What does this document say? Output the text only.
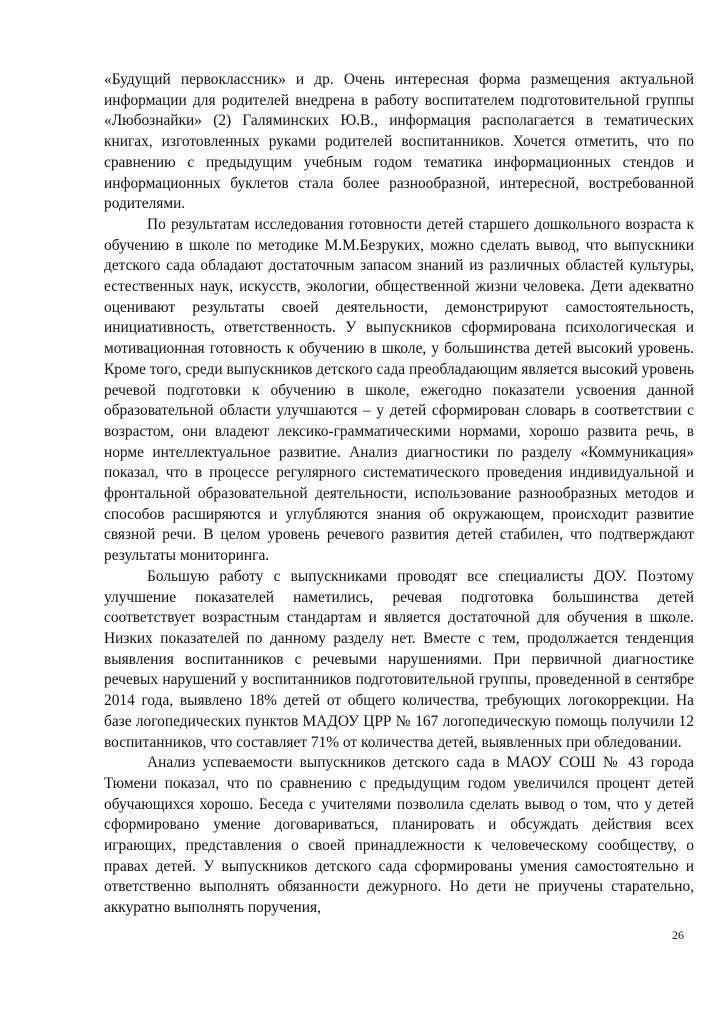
«Будущий первоклассник» и др. Очень интересная форма размещения актуальной информации для родителей внедрена в работу воспитателем подготовительной группы «Любознайки» (2) Галяминских Ю.В., информация располагается в тематических книгах, изготовленных руками родителей воспитанников. Хочется отметить, что по сравнению с предыдущим учебным годом тематика информационных стендов и информационных буклетов стала более разнообразной, интересной, востребованной родителями.

По результатам исследования готовности детей старшего дошкольного возраста к обучению в школе по методике М.М.Безруких, можно сделать вывод, что выпускники детского сада обладают достаточным запасом знаний из различных областей культуры, естественных наук, искусств, экологии, общественной жизни человека. Дети адекватно оценивают результаты своей деятельности, демонстрируют самостоятельность, инициативность, ответственность. У выпускников сформирована психологическая и мотивационная готовность к обучению в школе, у большинства детей высокий уровень. Кроме того, среди выпускников детского сада преобладающим является высокий уровень речевой подготовки к обучению в школе, ежегодно показатели усвоения данной образовательной области улучшаются – у детей сформирован словарь в соответствии с возрастом, они владеют лексико-грамматическими нормами, хорошо развита речь, в норме интеллектуальное развитие. Анализ диагностики по разделу «Коммуникация» показал, что в процессе регулярного систематического проведения индивидуальной и фронтальной образовательной деятельности, использование разнообразных методов и способов расширяются и углубляются знания об окружающем, происходит развитие связной речи. В целом уровень речевого развития детей стабилен, что подтверждают результаты мониторинга.

Большую работу с выпускниками проводят все специалисты ДОУ. Поэтому улучшение показателей наметились, речевая подготовка большинства детей соответствует возрастным стандартам и является достаточной для обучения в школе. Низких показателей по данному разделу нет. Вместе с тем, продолжается тенденция выявления воспитанников с речевыми нарушениями. При первичной диагностике речевых нарушений у воспитанников подготовительной группы, проведенной в сентябре 2014 года, выявлено 18% детей от общего количества, требующих логокоррекции. На базе логопедических пунктов МАДОУ ЦРР № 167 логопедическую помощь получили 12 воспитанников, что составляет 71% от количества детей, выявленных при обледовании.

Анализ успеваемости выпускников детского сада в МАОУ СОШ № 43 города Тюмени показал, что по сравнению с предыдущим годом увеличился процент детей обучающихся хорошо. Беседа с учителями позволила сделать вывод о том, что у детей сформировано умение договариваться, планировать и обсуждать действия всех играющих, представления о своей принадлежности к человеческому сообществу, о правах детей. У выпускников детского сада сформированы умения самостоятельно и ответственно выполнять обязанности дежурного. Но дети не приучены старательно, аккуратно выполнять поручения,

26
